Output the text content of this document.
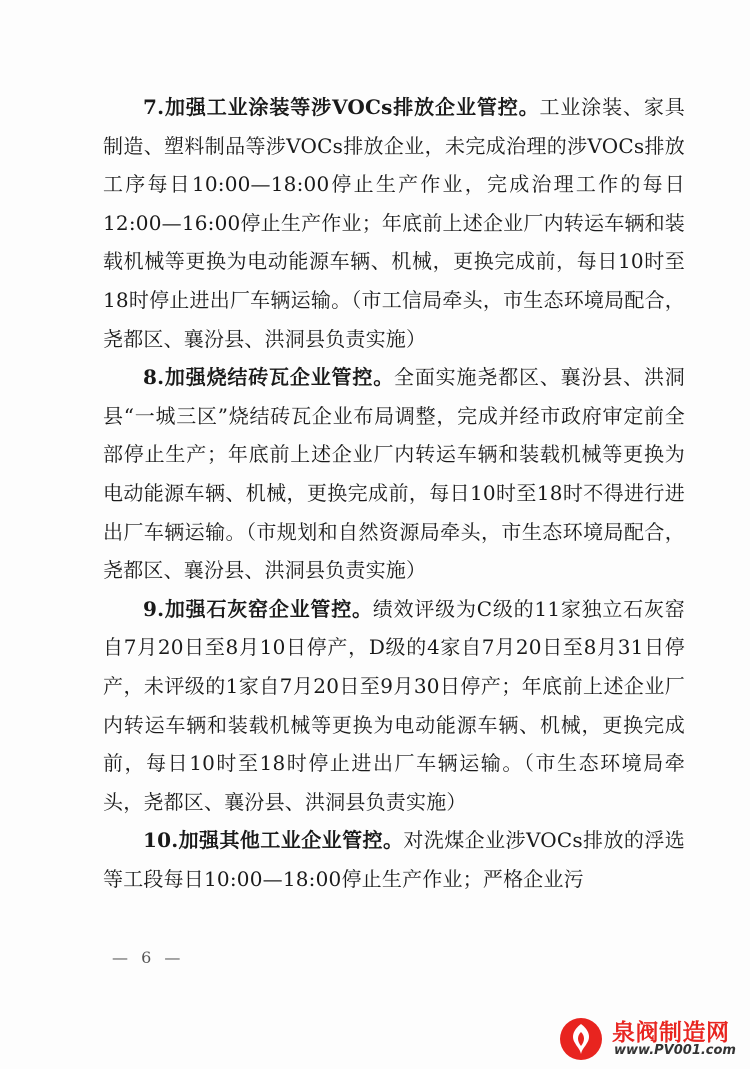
7.加强工业涂装等涉VOCs排放企业管控。工业涂装、家具制造、塑料制品等涉VOCs排放企业，未完成治理的涉VOCs排放工序每日10:00—18:00停止生产作业，完成治理工作的每日12:00—16:00停止生产作业；年底前上述企业厂内转运车辆和装载机械等更换为电动能源车辆、机械，更换完成前，每日10时至18时停止进出厂车辆运输。（市工信局牵头，市生态环境局配合，尧都区、襄汾县、洪洞县负责实施）

8.加强烧结砖瓦企业管控。全面实施尧都区、襄汾县、洪洞县“一城三区”烧结砖瓦企业布局调整，完成并经市政府审定前全部停止生产；年底前上述企业厂内转运车辆和装载机械等更换为电动能源车辆、机械，更换完成前，每日10时至18时不得进行进出厂车辆运输。（市规划和自然资源局牵头，市生态环境局配合，尧都区、襄汾县、洪洞县负责实施）

9.加强石灰窑企业管控。绩效评级为C级的11家独立石灰窑自7月20日至8月10日停产，D级的4家自7月20日至8月31日停产，未评级的1家自7月20日至9月30日停产；年底前上述企业厂内转运车辆和装载机械等更换为电动能源车辆、机械，更换完成前，每日10时至18时停止进出厂车辆运输。（市生态环境局牵头，尧都区、襄汾县、洪洞县负责实施）

10.加强其他工业企业管控。对洗煤企业涉VOCs排放的浮选等工段每日10:00—18:00停止生产作业；严格企业污

— 6 —
泉阀制造网
www.PV001.com
